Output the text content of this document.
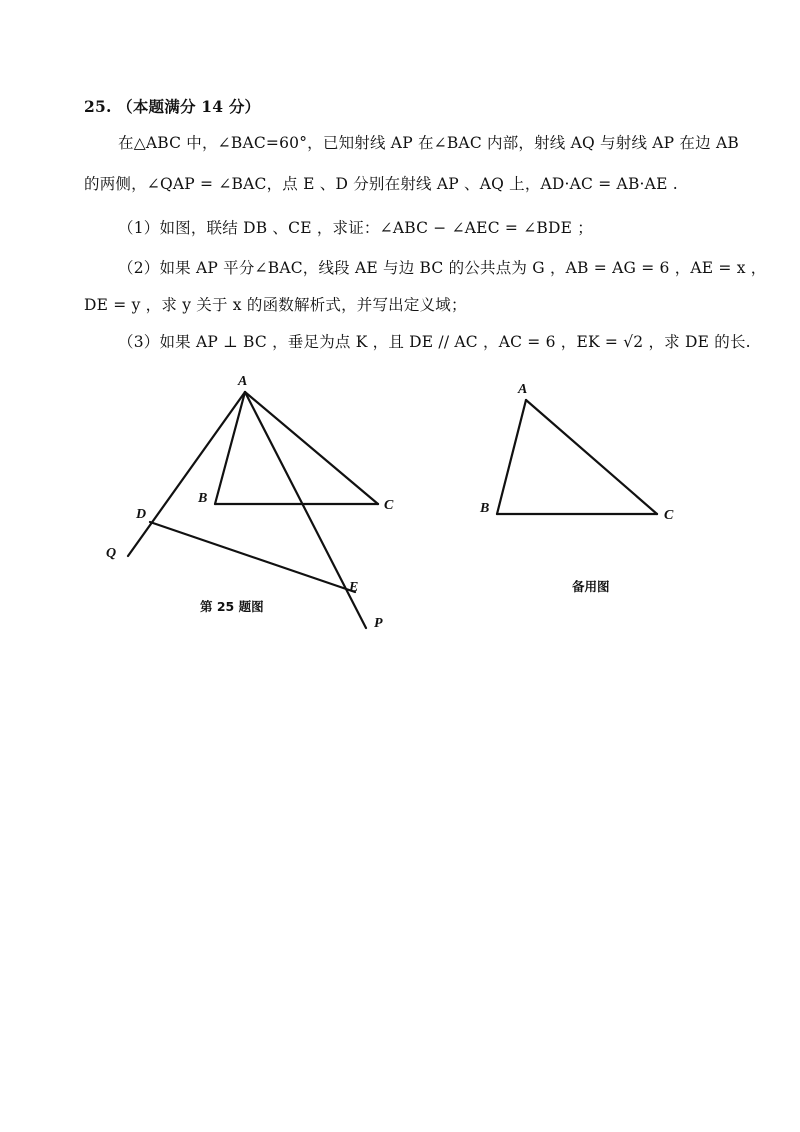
25. （本题满分 14 分）
在△ABC 中，∠BAC=60°，已知射线 AP 在∠BAC 内部，射线 AQ 与射线 AP 在边 AB
的两侧，∠QAP = ∠BAC，点 E 、D 分别在射线 AP 、AQ 上，AD·AC = AB·AE .
（1）如图，联结 DB 、CE ，求证：∠ABC − ∠AEC = ∠BDE ；
（2）如果 AP 平分∠BAC，线段 AE 与边 BC 的公共点为 G ，AB = AG = 6 ，AE = x ，
DE = y ，求 y 关于 x 的函数解析式，并写出定义域；
（3）如果 AP ⊥ BC ，垂足为点 K ，且 DE // AC ，AC = 6 ，EK = √2 ，求 DE 的长.
A
B	C
D
E
Q
P
A
B	C
第 25 题图
备用图
